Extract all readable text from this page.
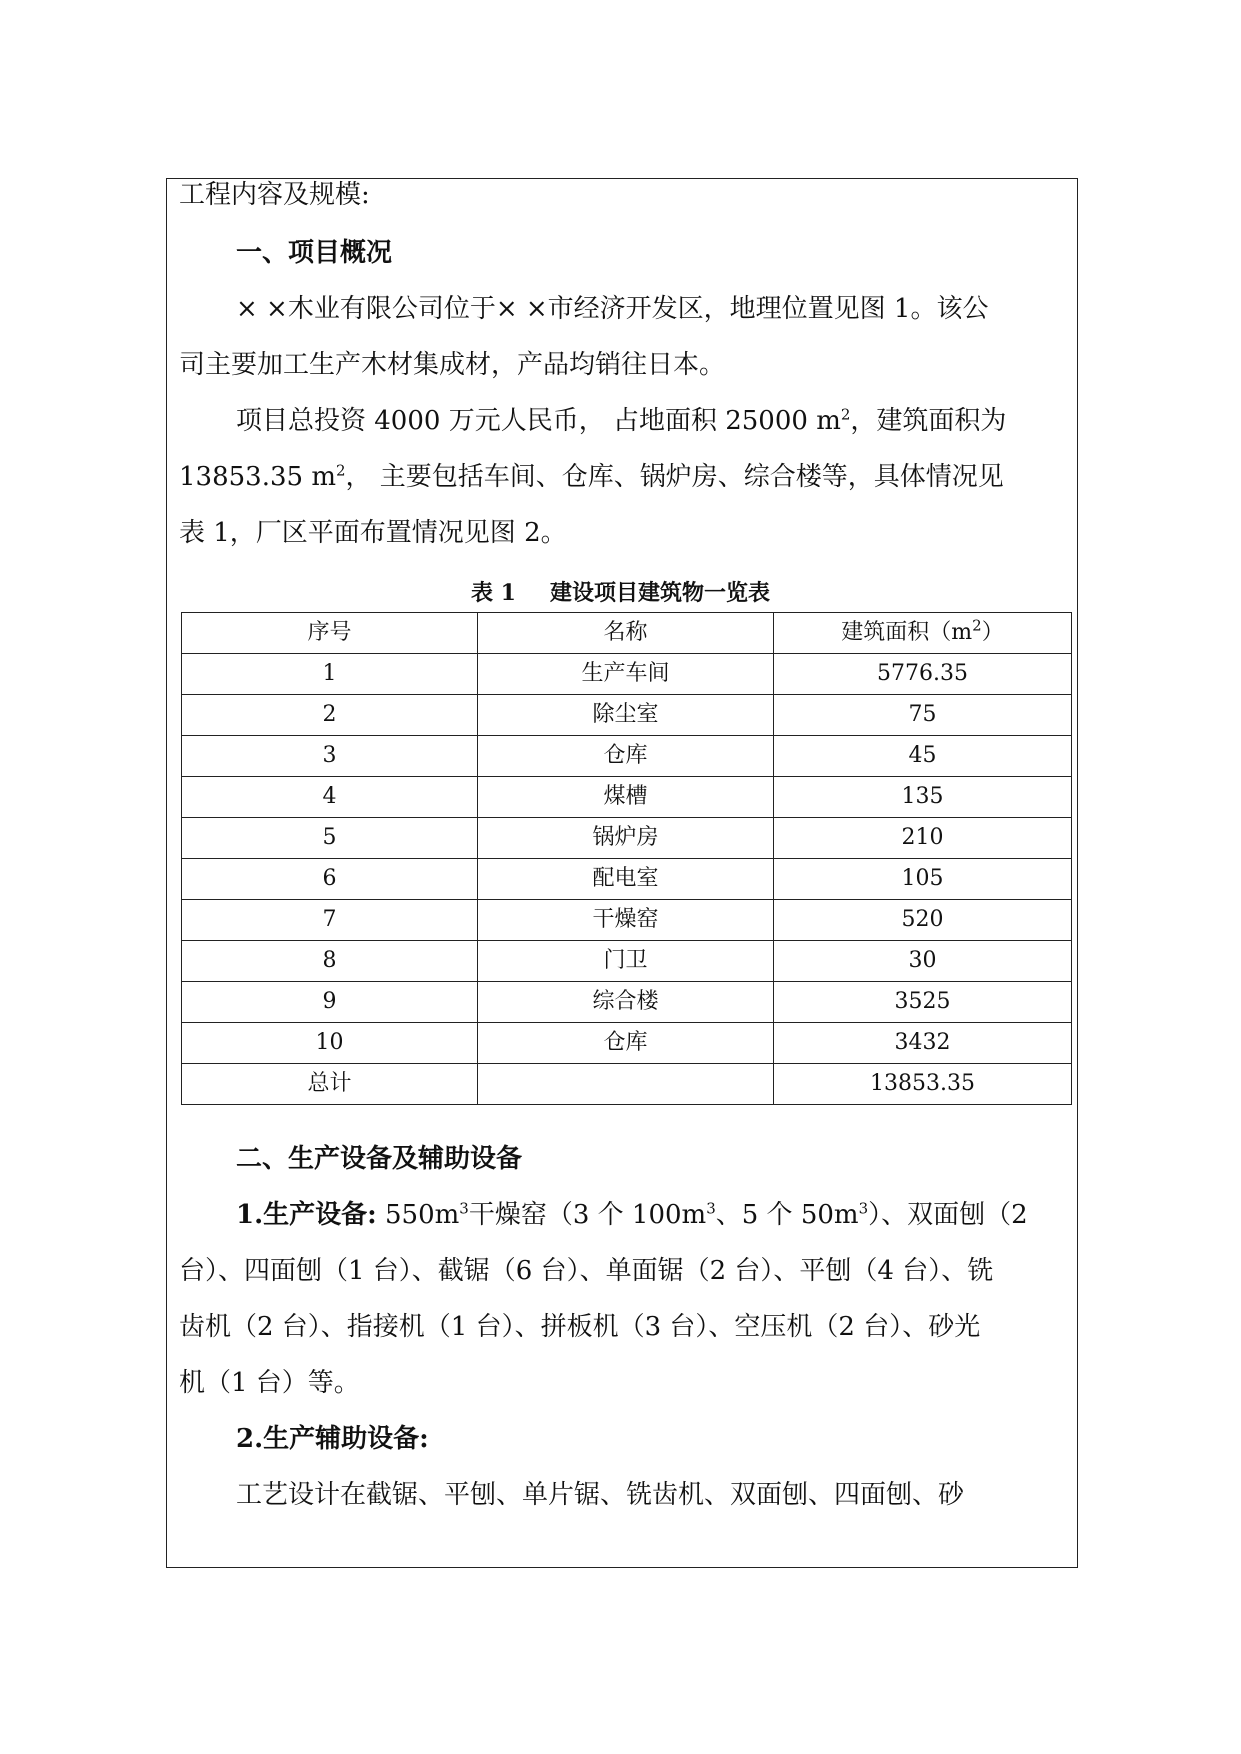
工程内容及规模:
一、项目概况
× ×木业有限公司位于× ×市经济开发区，地理位置见图 1。该公
司主要加工生产木材集成材，产品均销往日本。
项目总投资 4000 万元人民币， 占地面积 25000 $m^2$，建筑面积为
13853.35 $m^2$， 主要包括车间、仓库、锅炉房、综合楼等，具体情况见
表 1，厂区平面布置情况见图 2。
表 1 建设项目建筑物一览表
序号	名称	建筑面积$(m^2)$
1	生产车间	5776.35
2	除尘室	75
3	仓库	45
4	煤槽	135
5	锅炉房	210
6	配电室	105
7	干燥窑	520
8	门卫	30
9	综合楼	3525
10	仓库	3432
总计		13853.35
二、生产设备及辅助设备
1.生产设备: $550m^3$干燥窑（3 个 $100m^3$、5 个 $50m^3$）、双面刨（2
台）、四面刨（1 台）、截锯（6 台）、单面锯（2 台）、平刨（4 台）、铣
齿机（2 台）、指接机（1 台）、拼板机（3 台）、空压机（2 台）、砂光
机（1 台）等。
2.生产辅助设备:
工艺设计在截锯、平刨、单片锯、铣齿机、双面刨、四面刨、砂
